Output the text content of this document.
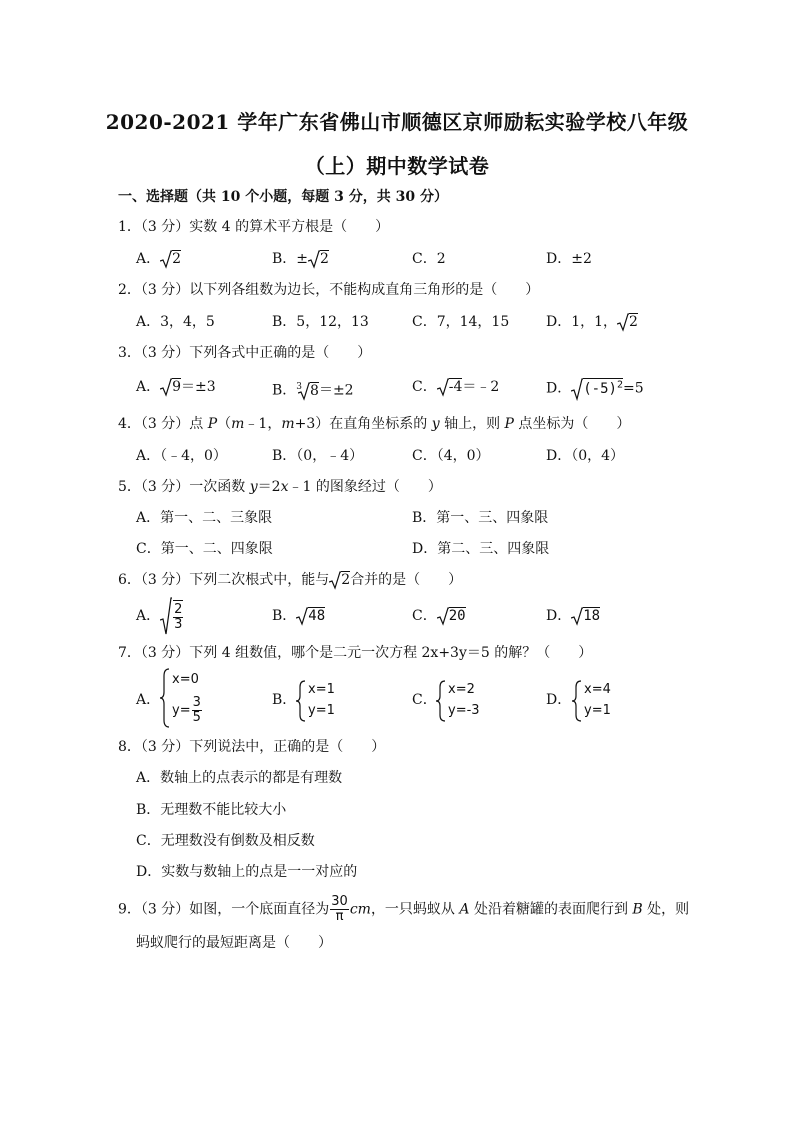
2020-2021 学年广东省佛山市顺德区京师励耘实验学校八年级
（上）期中数学试卷
一、选择题（共 10 个小题，每题 3 分，共 30 分）
1．（3 分）实数 4 的算术平方根是（　　）
A． 2	B．± 2	C．2	D．±2
2．（3 分）以下列各组数为边长，不能构成直角三角形的是（　　）
A．3，4，5	B．5，12，13	C．7，14，15	D．1，1， 2
3．（3 分）下列各式中正确的是（　　）
A． 9＝±3	B．$^3$ 8＝±2	C． -4＝﹣2	D． $(-5)^2=5$
4．（3 分）点 P（m﹣1，m+3）在直角坐标系的 y 轴上，则 P 点坐标为（　　）
A．（﹣4，0）	B．（0，﹣4）	C．（4，0）	D．（0，4）
5．（3 分）一次函数 y＝2x﹣1 的图象经过（　　）
A．第一、二、三象限	B．第一、三、四象限
C．第一、二、四象限	D．第二、三、四象限
6．（3 分）下列二次根式中，能与 2合并的是（　　）
A． $\frac{2}{3}$	B． 48	C． 20	D． 18
7．（3 分）下列 4 组数值，哪个是二元一次方程 2x+3y＝5 的解？（　　）
A．
x=0
$y= \frac{3}{5}$	B．
x=1
y=1
C．
x=2
y=-3
D．
x=4
y=1
8．（3 分）下列说法中，正确的是（　　）
A．数轴上的点表示的都是有理数
B．无理数不能比较大小
C．无理数没有倒数及相反数
D．实数与数轴上的点是一一对应的
9．（3 分）如图，一个底面直径为 $\frac{30}{\pi}$ cm，一只蚂蚁从 A 处沿着糖罐的表面爬行到 B 处，则
蚂蚁爬行的最短距离是（　　）
